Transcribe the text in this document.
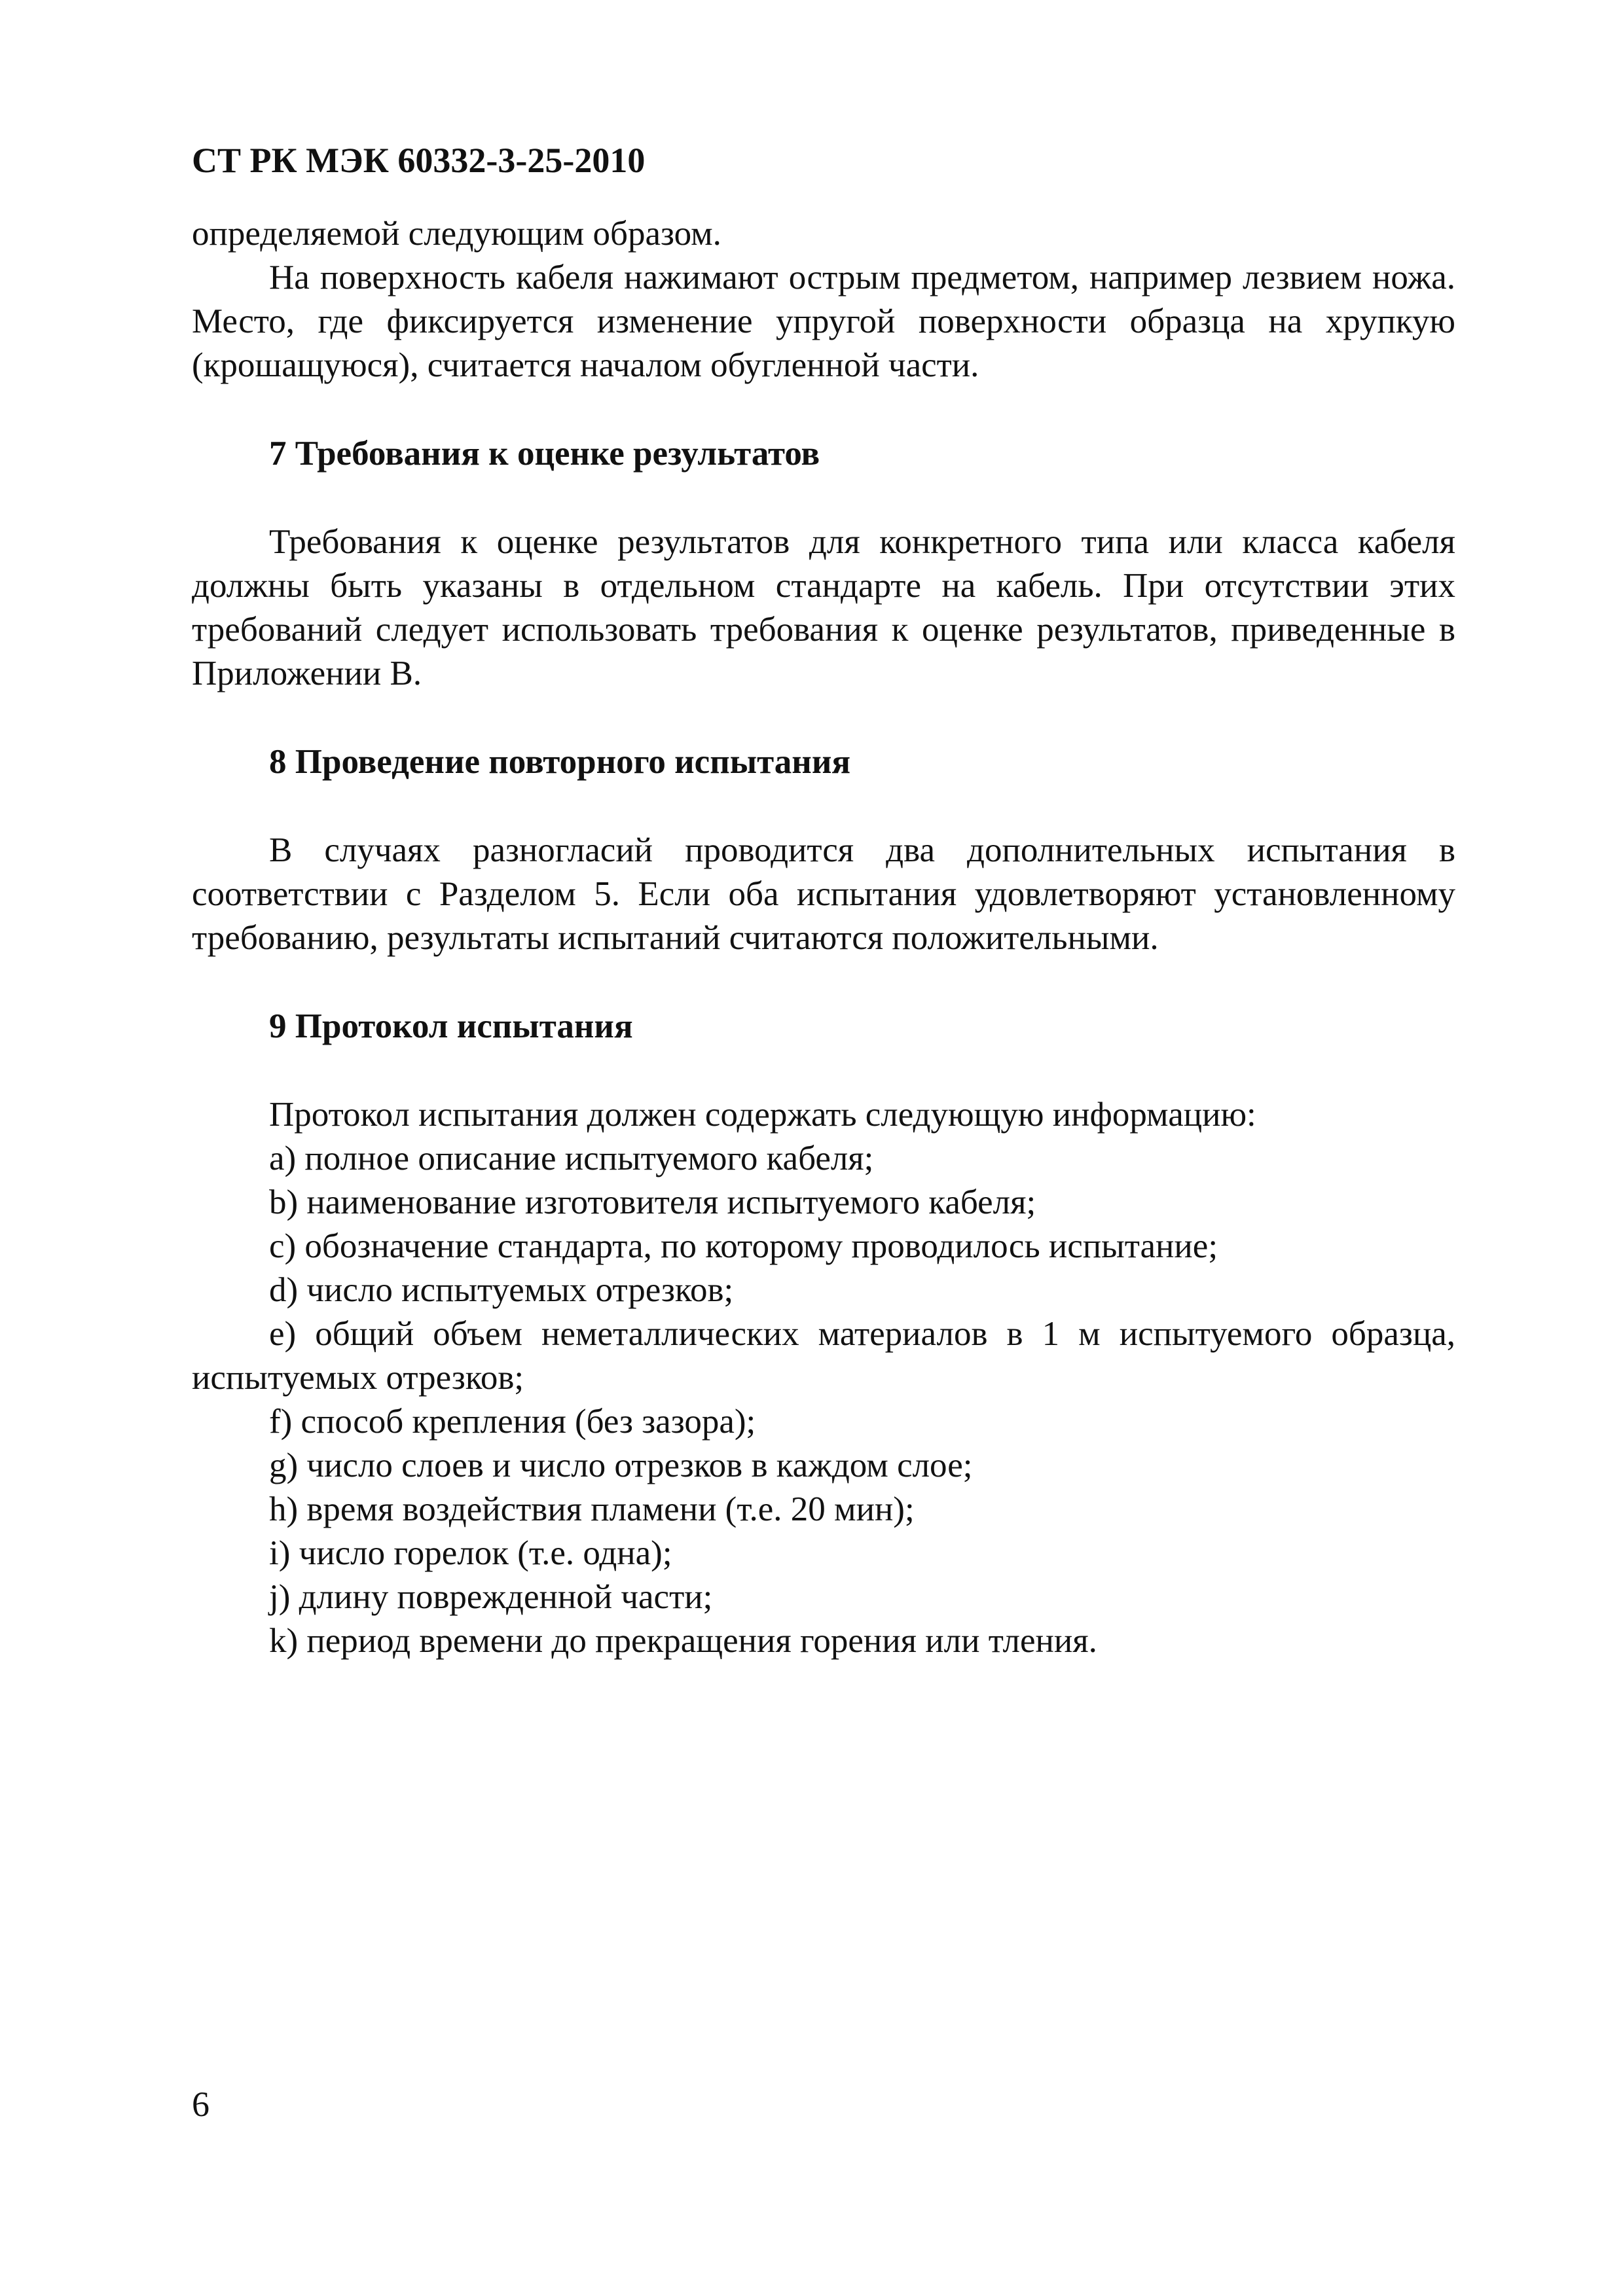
СТ РК МЭК 60332-3-25-2010

определяемой следующим образом.

На поверхность кабеля нажимают острым предметом, например лезвием ножа. Место, где фиксируется изменение упругой поверхности образца на хрупкую (крошащуюся), считается началом обугленной части.

7 Требования к оценке результатов

Требования к оценке результатов для конкретного типа или класса кабеля должны быть указаны в отдельном стандарте на кабель. При отсутствии этих требований следует использовать требования к оценке результатов, приведенные в Приложении В.

8 Проведение повторного испытания

В случаях разногласий проводится два дополнительных испытания в соответствии с Разделом 5. Если оба испытания удовлетворяют установленному требованию, результаты испытаний считаются положительными.

9 Протокол испытания

Протокол испытания должен содержать следующую информацию:

a) полное описание испытуемого кабеля;
b) наименование изготовителя испытуемого кабеля;
c) обозначение стандарта, по которому проводилось испытание;
d) число испытуемых отрезков;
e) общий объем неметаллических материалов в 1 м испытуемого образца, испытуемых отрезков;
f) способ крепления (без зазора);
g) число слоев и число отрезков в каждом слое;
h) время воздействия пламени (т.е. 20 мин);
i) число горелок (т.е. одна);
j) длину поврежденной части;
k) период времени до прекращения горения или тления.
6
